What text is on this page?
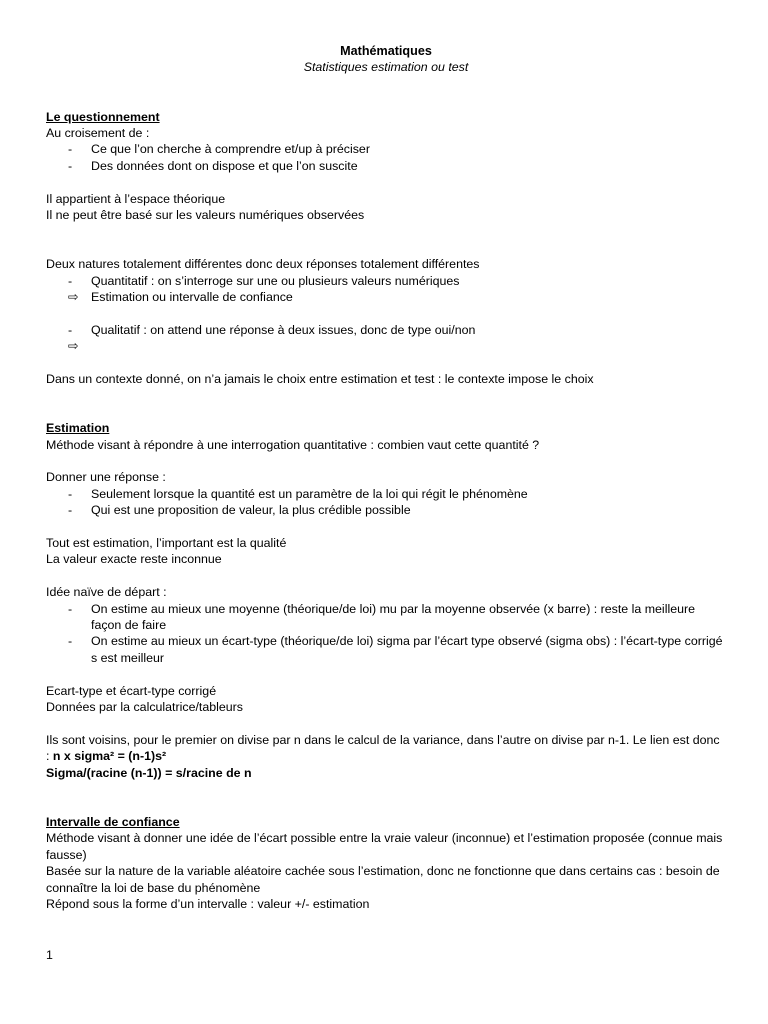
Mathématiques
Statistiques estimation ou test
Le questionnement
Au croisement de :
-	Ce que l’on cherche à comprendre et/up à préciser
-	Des données dont on dispose et que l’on suscite
Il appartient à l’espace théorique
Il ne peut être basé sur les valeurs numériques observées
Deux natures totalement différentes donc deux réponses totalement différentes
-	Quantitatif : on s’interroge sur une ou plusieurs valeurs numériques
⇨	Estimation ou intervalle de confiance
-	Qualitatif : on attend une réponse à deux issues, donc de type oui/non
⇨
Dans un contexte donné, on n’a jamais le choix entre estimation et test : le contexte impose le choix
Estimation
Méthode visant à répondre à une interrogation quantitative : combien vaut cette quantité ?
Donner une réponse :
-	Seulement lorsque la quantité est un paramètre de la loi qui régit le phénomène
-	Qui est une proposition de valeur, la plus crédible possible
Tout est estimation, l’important est la qualité
La valeur exacte reste inconnue
Idée naïve de départ :
-	On estime au mieux une moyenne (théorique/de loi) mu par la moyenne observée (x barre) : reste la meilleure façon de faire
-	On estime au mieux un écart-type (théorique/de loi) sigma par l’écart type observé (sigma obs) : l’écart-type corrigé s est meilleur
Ecart-type et écart-type corrigé
Données par la calculatrice/tableurs
Ils sont voisins, pour le premier on divise par n dans le calcul de la variance, dans l’autre on divise par n-1. Le lien est donc : n x sigma² = (n-1)s²
Sigma/(racine (n-1)) = s/racine de n
Intervalle de confiance
Méthode visant à donner une idée de l’écart possible entre la vraie valeur (inconnue) et l’estimation proposée (connue mais fausse)
Basée sur la nature de la variable aléatoire cachée sous l’estimation, donc ne fonctionne que dans certains cas : besoin de connaître la loi de base du phénomène
Répond sous la forme d’un intervalle : valeur +/- estimation
1
